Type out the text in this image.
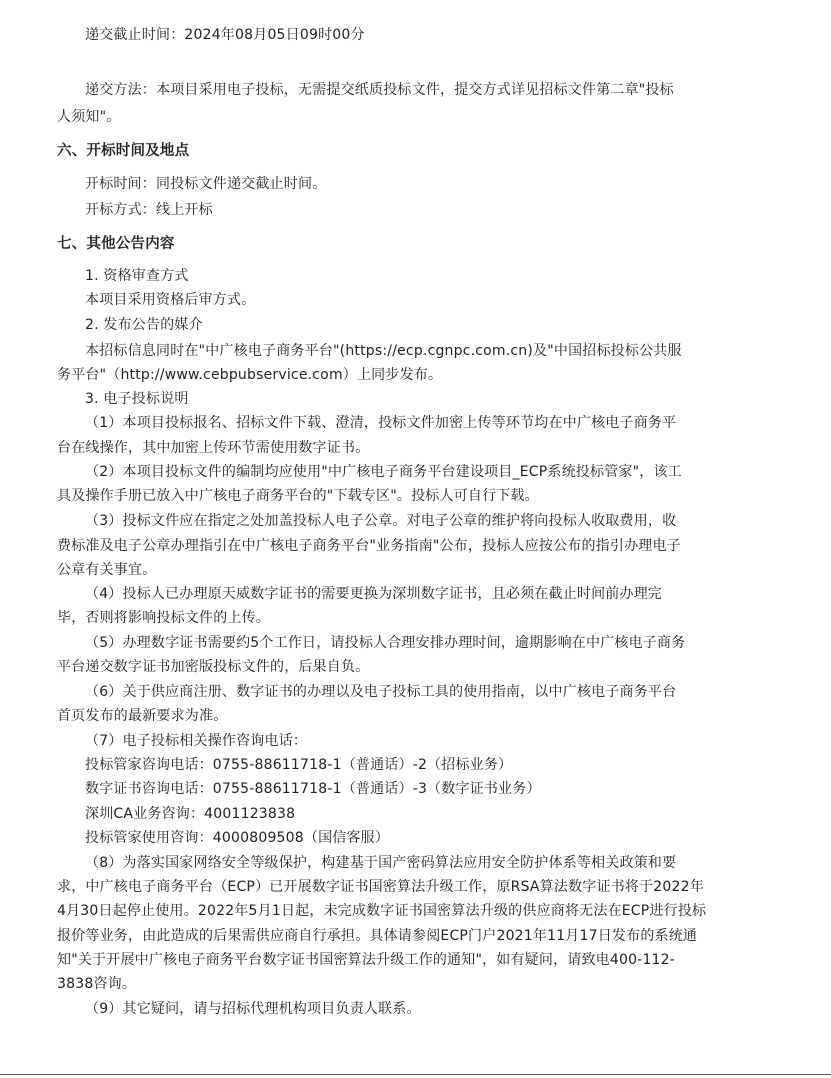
递交截止时间：2024年08月05日09时00分
递交方法：本项目采用电子投标，无需提交纸质投标文件，提交方式详见招标文件第二章"投标
人须知"。
六、开标时间及地点
开标时间：同投标文件递交截止时间。
开标方式：线上开标
七、其他公告内容
1. 资格审查方式
本项目采用资格后审方式。
2. 发布公告的媒介
本招标信息同时在"中广核电子商务平台"(https://ecp.cgnpc.com.cn)及"中国招标投标公共服
务平台"（http://www.cebpubservice.com）上同步发布。
3. 电子投标说明
（1）本项目投标报名、招标文件下载、澄清，投标文件加密上传等环节均在中广核电子商务平
台在线操作，其中加密上传环节需使用数字证书。
（2）本项目投标文件的编制均应使用"中广核电子商务平台建设项目_ECP系统投标管家"，该工
具及操作手册已放入中广核电子商务平台的"下载专区"。投标人可自行下载。
（3）投标文件应在指定之处加盖投标人电子公章。对电子公章的维护将向投标人收取费用，收
费标准及电子公章办理指引在中广核电子商务平台"业务指南"公布，投标人应按公布的指引办理电子
公章有关事宜。
（4）投标人已办理原天威数字证书的需要更换为深圳数字证书，且必须在截止时间前办理完
毕，否则将影响投标文件的上传。
（5）办理数字证书需要约5个工作日，请投标人合理安排办理时间，逾期影响在中广核电子商务
平台递交数字证书加密版投标文件的，后果自负。
（6）关于供应商注册、数字证书的办理以及电子投标工具的使用指南，以中广核电子商务平台
首页发布的最新要求为准。
（7）电子投标相关操作咨询电话：
投标管家咨询电话：0755-88611718-1（普通话）-2（招标业务）
数字证书咨询电话：0755-88611718-1（普通话）-3（数字证书业务）
深圳CA业务咨询：4001123838
投标管家使用咨询：4000809508（国信客服）
（8）为落实国家网络安全等级保护，构建基于国产密码算法应用安全防护体系等相关政策和要
求，中广核电子商务平台（ECP）已开展数字证书国密算法升级工作，原RSA算法数字证书将于2022年
4月30日起停止使用。2022年5月1日起，未完成数字证书国密算法升级的供应商将无法在ECP进行投标
报价等业务，由此造成的后果需供应商自行承担。具体请参阅ECP门户2021年11月17日发布的系统通
知"关于开展中广核电子商务平台数字证书国密算法升级工作的通知"，如有疑问，请致电400-112-
3838咨询。
（9）其它疑问，请与招标代理机构项目负责人联系。
